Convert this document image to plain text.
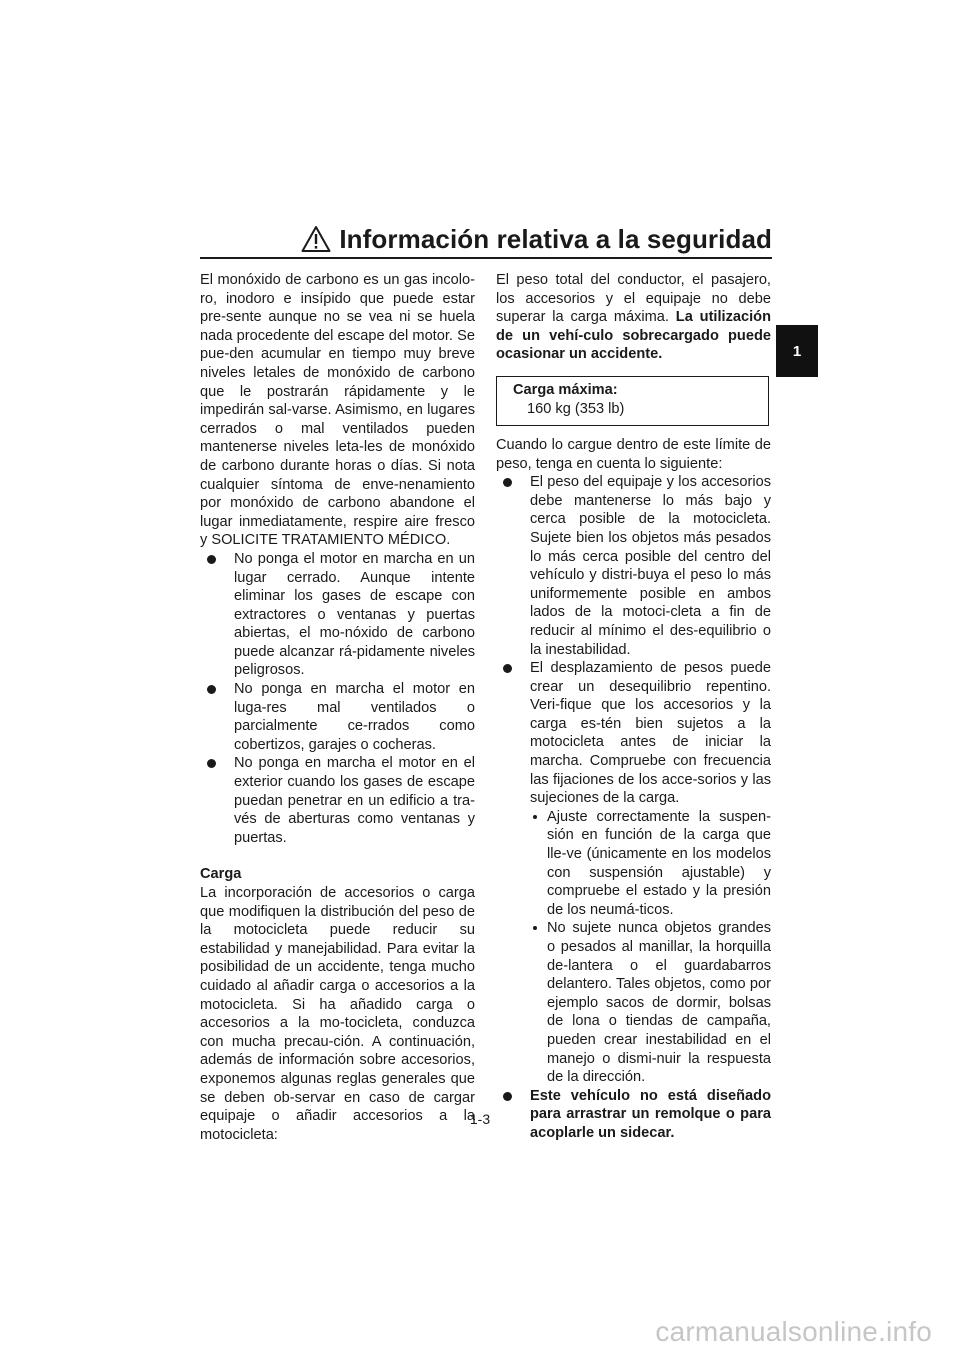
Información relativa a la seguridad
1

El monóxido de carbono es un gas incolo-ro, inodoro e insípido que puede estar pre-sente aunque no se vea ni se huela nada procedente del escape del motor. Se pue-den acumular en tiempo muy breve niveles letales de monóxido de carbono que le postrarán rápidamente y le impedirán sal-varse. Asimismo, en lugares cerrados o mal ventilados pueden mantenerse niveles leta-les de monóxido de carbono durante horas o días. Si nota cualquier síntoma de enve-nenamiento por monóxido de carbono abandone el lugar inmediatamente, respire aire fresco y SOLICITE TRATAMIENTO MÉDICO.

No ponga el motor en marcha en un lugar cerrado. Aunque intente eliminar los gases de escape con extractores o ventanas y puertas abiertas, el mo-nóxido de carbono puede alcanzar rá-pidamente niveles peligrosos.
No ponga en marcha el motor en luga-res mal ventilados o parcialmente ce-rrados como cobertizos, garajes o cocheras.
No ponga en marcha el motor en el exterior cuando los gases de escape puedan penetrar en un edificio a tra-vés de aberturas como ventanas y puertas.

Carga

La incorporación de accesorios o carga que modifiquen la distribución del peso de la motocicleta puede reducir su estabilidad y manejabilidad. Para evitar la posibilidad de un accidente, tenga mucho cuidado al añadir carga o accesorios a la motocicleta. Si ha añadido carga o accesorios a la mo-tocicleta, conduzca con mucha precau-ción. A continuación, además de información sobre accesorios, exponemos algunas reglas generales que se deben ob-servar en caso de cargar equipaje o añadir accesorios a la motocicleta:

El peso total del conductor, el pasajero, los accesorios y el equipaje no debe superar la carga máxima. La utilización de un vehí-culo sobrecargado puede ocasionar un accidente.

Carga máxima:
160 kg (353 lb)

Cuando lo cargue dentro de este límite de peso, tenga en cuenta lo siguiente:

El peso del equipaje y los accesorios debe mantenerse lo más bajo y cerca posible de la motocicleta. Sujete bien los objetos más pesados lo más cerca posible del centro del vehículo y distri-buya el peso lo más uniformemente posible en ambos lados de la motoci-cleta a fin de reducir al mínimo el des-equilibrio o la inestabilidad.
El desplazamiento de pesos puede crear un desequilibrio repentino. Veri-fique que los accesorios y la carga es-tén bien sujetos a la motocicleta antes de iniciar la marcha. Compruebe con frecuencia las fijaciones de los acce-sorios y las sujeciones de la carga.
Ajuste correctamente la suspen-sión en función de la carga que lle-ve (únicamente en los modelos con suspensión ajustable) y compruebe el estado y la presión de los neumá-ticos.
No sujete nunca objetos grandes o pesados al manillar, la horquilla de-lantera o el guardabarros delantero. Tales objetos, como por ejemplo sacos de dormir, bolsas de lona o tiendas de campaña, pueden crear inestabilidad en el manejo o dismi-nuir la respuesta de la dirección.
Este vehículo no está diseñado para arrastrar un remolque o para acoplarle un sidecar.
1-3
carmanualsonline.info
